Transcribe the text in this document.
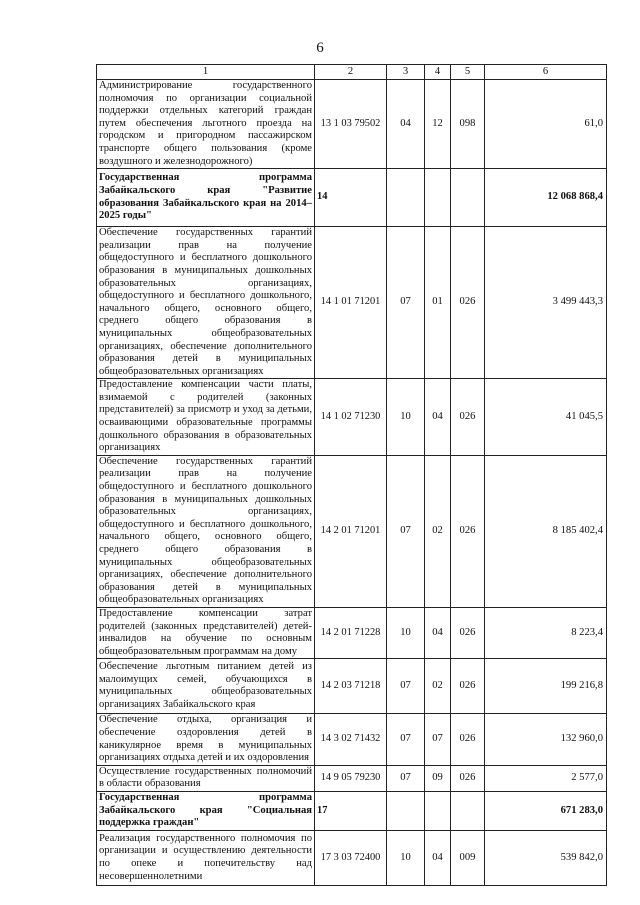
6
1	2	3	4	5	6
Администрирование государственного полномочия по организации социальной поддержки отдельных категорий граждан путем обеспечения льготного проезда на городском и пригородном пассажирском транспорте общего пользования (кроме воздушного и железнодорожного)	13 1 03 79502	04	12	098	61,0
Государственная программа Забайкальского края "Развитие образования Забайкальского края на 2014–2025 годы"	14				12 068 868,4
Обеспечение государственных гарантий реализации прав на получение общедоступного и бесплатного дошкольного образования в муниципальных дошкольных образовательных организациях, общедоступного и бесплатного дошкольного, начального общего, основного общего, среднего общего образования в муниципальных общеобразовательных организациях, обеспечение дополнительного образования детей в муниципальных общеобразовательных организациях	14 1 01 71201	07	01	026	3 499 443,3
Предоставление компенсации части платы, взимаемой с родителей (законных представителей) за присмотр и уход за детьми, осваивающими образовательные программы дошкольного образования в образовательных организациях	14 1 02 71230	10	04	026	41 045,5
Обеспечение государственных гарантий реализации прав на получение общедоступного и бесплатного дошкольного образования в муниципальных дошкольных образовательных организациях, общедоступного и бесплатного дошкольного, начального общего, основного общего, среднего общего образования в муниципальных общеобразовательных организациях, обеспечение дополнительного образования детей в муниципальных общеобразовательных организациях	14 2 01 71201	07	02	026	8 185 402,4
Предоставление компенсации затрат родителей (законных представителей) детей-инвалидов на обучение по основным общеобразовательным программам на дому	14 2 01 71228	10	04	026	8 223,4
Обеспечение льготным питанием детей из малоимущих семей, обучающихся в муниципальных общеобразовательных организациях Забайкальского края	14 2 03 71218	07	02	026	199 216,8
Обеспечение отдыха, организация и обеспечение оздоровления детей в каникулярное время в муниципальных организациях отдыха детей и их оздоровления	14 3 02 71432	07	07	026	132 960,0
Осуществление государственных полномочий в области образования	14 9 05 79230	07	09	026	2 577,0
Государственная программа Забайкальского края "Социальная поддержка граждан"	17				671 283,0
Реализация государственного полномочия по организации и осуществлению деятельности по опеке и попечительству над несовершеннолетними	17 3 03 72400	10	04	009	539 842,0
